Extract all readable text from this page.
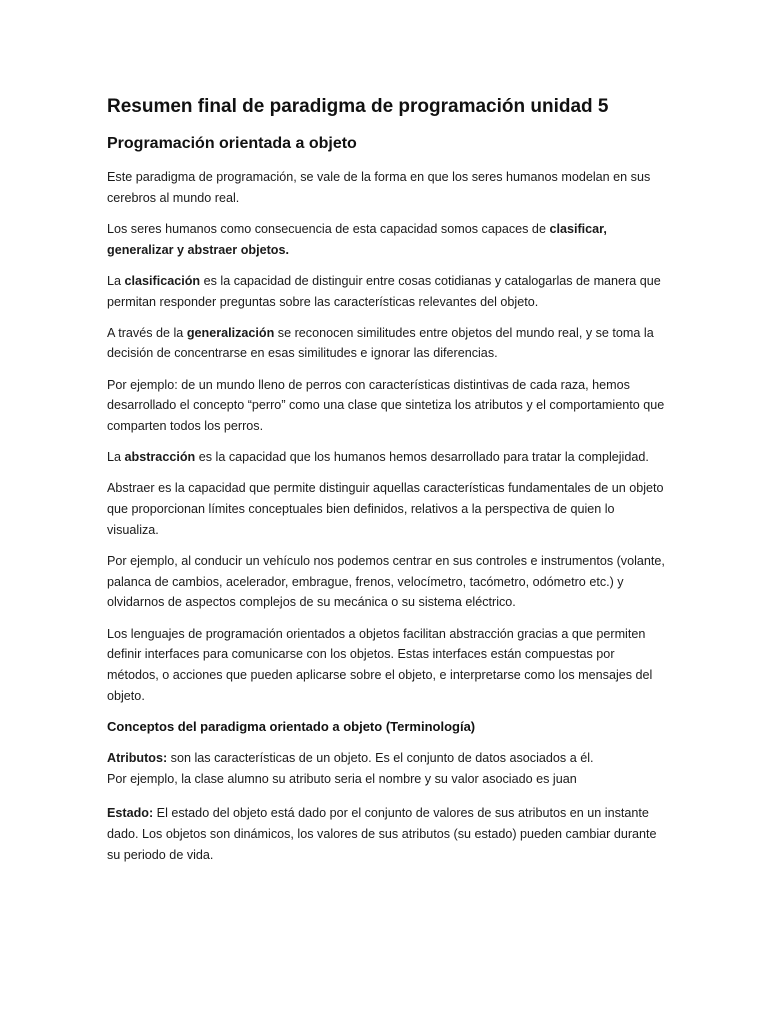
Resumen final de paradigma de programación unidad 5
Programación orientada a objeto

Este paradigma de programación, se vale de la forma en que los seres humanos modelan en sus cerebros al mundo real.

Los seres humanos como consecuencia de esta capacidad somos capaces de clasificar, generalizar y abstraer objetos.

La clasificación es la capacidad de distinguir entre cosas cotidianas y catalogarlas de manera que permitan responder preguntas sobre las características relevantes del objeto.

A través de la generalización se reconocen similitudes entre objetos del mundo real, y se toma la decisión de concentrarse en esas similitudes e ignorar las diferencias.

Por ejemplo: de un mundo lleno de perros con características distintivas de cada raza, hemos desarrollado el concepto “perro” como una clase que sintetiza los atributos y el comportamiento que comparten todos los perros.

La abstracción es la capacidad que los humanos hemos desarrollado para tratar la complejidad.

Abstraer es la capacidad que permite distinguir aquellas características fundamentales de un objeto que proporcionan límites conceptuales bien definidos, relativos a la perspectiva de quien lo visualiza.

Por ejemplo, al conducir un vehículo nos podemos centrar en sus controles e instrumentos (volante, palanca de cambios, acelerador, embrague, frenos, velocímetro, tacómetro, odómetro etc.) y olvidarnos de aspectos complejos de su mecánica o su sistema eléctrico.

Los lenguajes de programación orientados a objetos facilitan abstracción gracias a que permiten definir interfaces para comunicarse con los objetos. Estas interfaces están compuestas por métodos, o acciones que pueden aplicarse sobre el objeto, e interpretarse como los mensajes del objeto.

Conceptos del paradigma orientado a objeto (Terminología)

Atributos: son las características de un objeto. Es el conjunto de datos asociados a él.

Por ejemplo, la clase alumno su atributo seria el nombre y su valor asociado es juan

Estado: El estado del objeto está dado por el conjunto de valores de sus atributos en un instante dado. Los objetos son dinámicos, los valores de sus atributos (su estado) pueden cambiar durante su periodo de vida.
